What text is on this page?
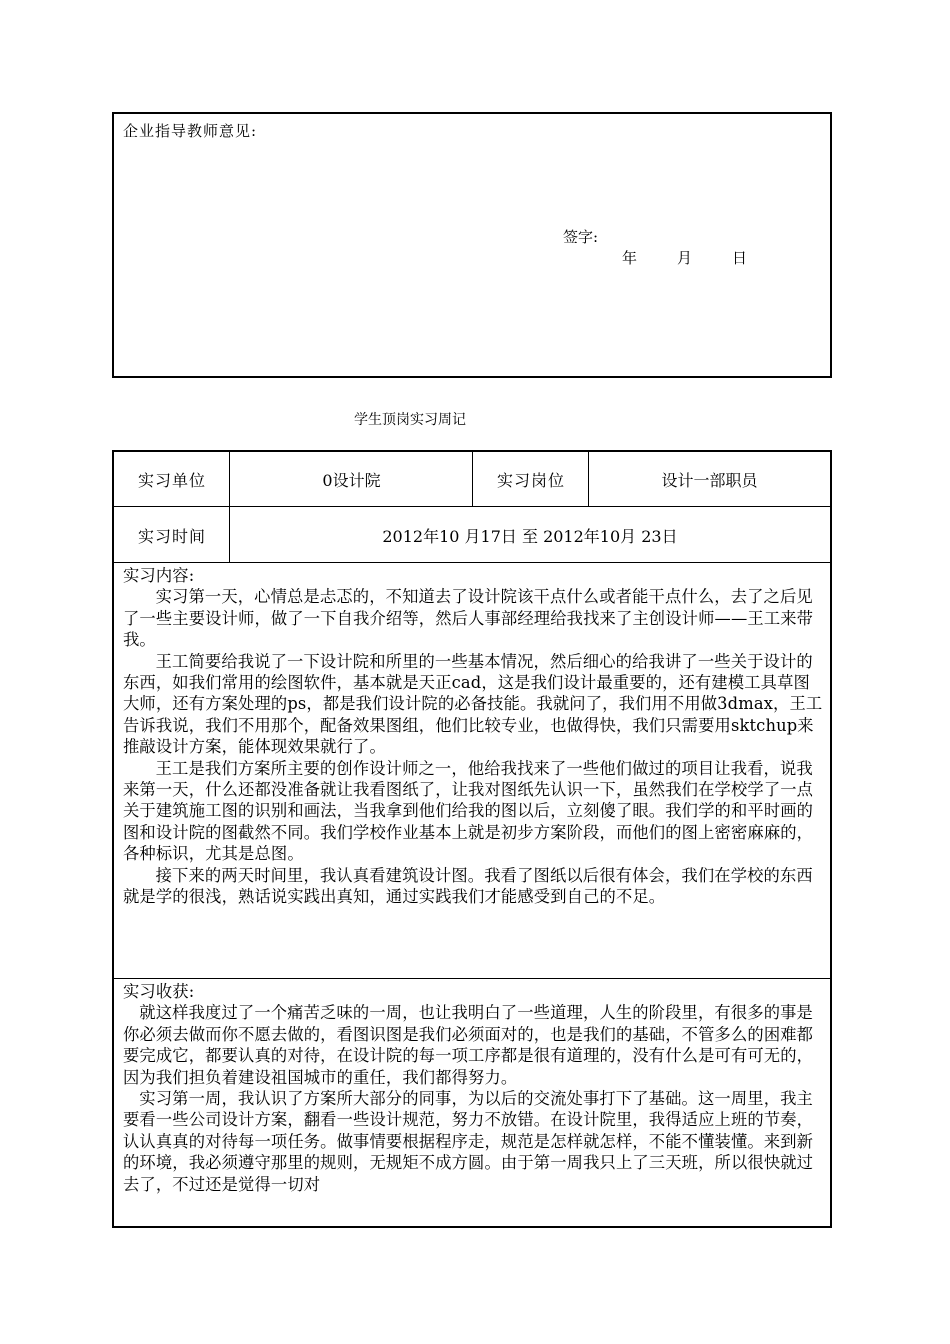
企业指导教师意见:
签字:
年	月	日
学生顶岗实习周记
实习单位	0设计院	实习岗位	设计一部职员
实习时间	2012年10 月17日 至 2012年10月 23日
实习内容:

实习第一天，心情总是忐忑的，不知道去了设计院该干点什么或者能干点什么，去了之后见了一些主要设计师，做了一下自我介绍等，然后人事部经理给我找来了主创设计师——王工来带我。

王工简要给我说了一下设计院和所里的一些基本情况，然后细心的给我讲了一些关于设计的东西，如我们常用的绘图软件，基本就是天正cad，这是我们设计最重要的，还有建模工具草图大师，还有方案处理的ps，都是我们设计院的必备技能。我就问了，我们用不用做3dmax，王工告诉我说，我们不用那个，配备效果图组，他们比较专业，也做得快，我们只需要用sktchup来推敲设计方案，能体现效果就行了。

王工是我们方案所主要的创作设计师之一，他给我找来了一些他们做过的项目让我看，说我来第一天，什么还都没准备就让我看图纸了，让我对图纸先认识一下，虽然我们在学校学了一点关于建筑施工图的识别和画法，当我拿到他们给我的图以后，立刻傻了眼。我们学的和平时画的图和设计院的图截然不同。我们学校作业基本上就是初步方案阶段，而他们的图上密密麻麻的，各种标识，尤其是总图。

接下来的两天时间里，我认真看建筑设计图。我看了图纸以后很有体会，我们在学校的东西就是学的很浅，熟话说实践出真知，通过实践我们才能感受到自己的不足。

实习收获:

就这样我度过了一个痛苦乏味的一周，也让我明白了一些道理，人生的阶段里，有很多的事是你必须去做而你不愿去做的，看图识图是我们必须面对的，也是我们的基础，不管多么的困难都要完成它，都要认真的对待，在设计院的每一项工序都是很有道理的，没有什么是可有可无的，因为我们担负着建设祖国城市的重任，我们都得努力。

实习第一周，我认识了方案所大部分的同事，为以后的交流处事打下了基础。这一周里，我主要看一些公司设计方案，翻看一些设计规范，努力不放错。在设计院里，我得适应上班的节奏，认认真真的对待每一项任务。做事情要根据程序走，规范是怎样就怎样，不能不懂装懂。来到新的环境，我必须遵守那里的规则，无规矩不成方圆。由于第一周我只上了三天班，所以很快就过去了，不过还是觉得一切对
